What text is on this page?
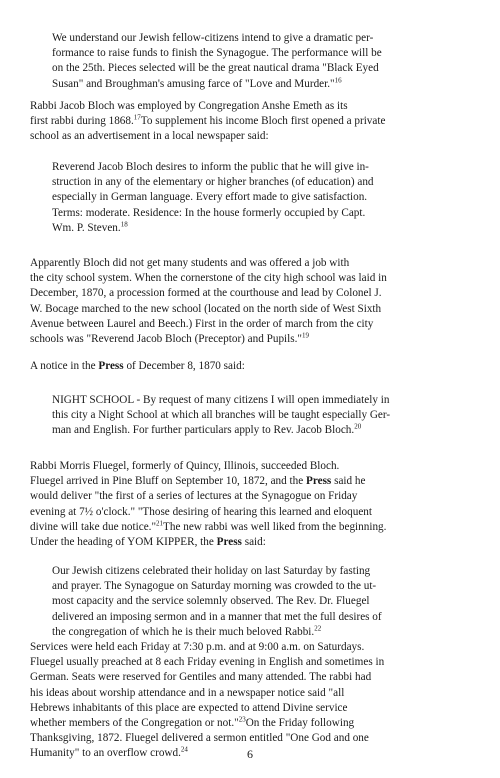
We understand our Jewish fellow-citizens intend to give a dramatic per-
formance to raise funds to finish the Synagogue. The performance will be
on the 25th. Pieces selected will be the great nautical drama "Black Eyed
Susan" and Broughman's amusing farce of "Love and Murder."$^{16}$

Rabbi Jacob Bloch was employed by Congregation Anshe Emeth as its
first rabbi during 1868.17To supplement his income Bloch first opened a private
school as an advertisement in a local newspaper said:

Reverend Jacob Bloch desires to inform the public that he will give in-
struction in any of the elementary or higher branches (of education) and
especially in German language. Every effort made to give satisfaction.
Terms: moderate. Residence: In the house formerly occupied by Capt.
Wm. P. Steven.$^{18}$

Apparently Bloch did not get many students and was offered a job with
the city school system. When the cornerstone of the city high school was laid in
December, 1870, a procession formed at the courthouse and lead by Colonel J.
W. Bocage marched to the new school (located on the north side of West Sixth
Avenue between Laurel and Beech.) First in the order of march from the city
schools was "Reverend Jacob Bloch (Preceptor) and Pupils."$^{19}$

A notice in the Press of December 8, 1870 said:

NIGHT SCHOOL - By request of many citizens I will open immediately in
this city a Night School at which all branches will be taught especially Ger-
man and English. For further particulars apply to Rev. Jacob Bloch.$^{20}$

Rabbi Morris Fluegel, formerly of Quincy, Illinois, succeeded Bloch.
Fluegel arrived in Pine Bluff on September 10, 1872, and the Press said he
would deliver "the first of a series of lectures at the Synagogue on Friday
evening at 7½ o'clock." "Those desiring of hearing this learned and eloquent
divine will take due notice."$^{21}$The new rabbi was well liked from the beginning.
Under the heading of YOM KIPPER, the Press said:

Our Jewish citizens celebrated their holiday on last Saturday by fasting
and prayer. The Synagogue on Saturday morning was crowded to the ut-
most capacity and the service solemnly observed. The Rev. Dr. Fluegel
delivered an imposing sermon and in a manner that met the full desires of
the congregation of which he is their much beloved Rabbi.$^{22}$

Services were held each Friday at 7:30 p.m. and at 9:00 a.m. on Saturdays.
Fluegel usually preached at 8 each Friday evening in English and sometimes in
German. Seats were reserved for Gentiles and many attended. The rabbi had
his ideas about worship attendance and in a newspaper notice said "all
Hebrews inhabitants of this place are expected to attend Divine service
whether members of the Congregation or not."$^{23}$On the Friday following
Thanksgiving, 1872. Fluegel delivered a sermon entitled "One God and one
Humanity" to an overflow crowd.$^{24}$	6
